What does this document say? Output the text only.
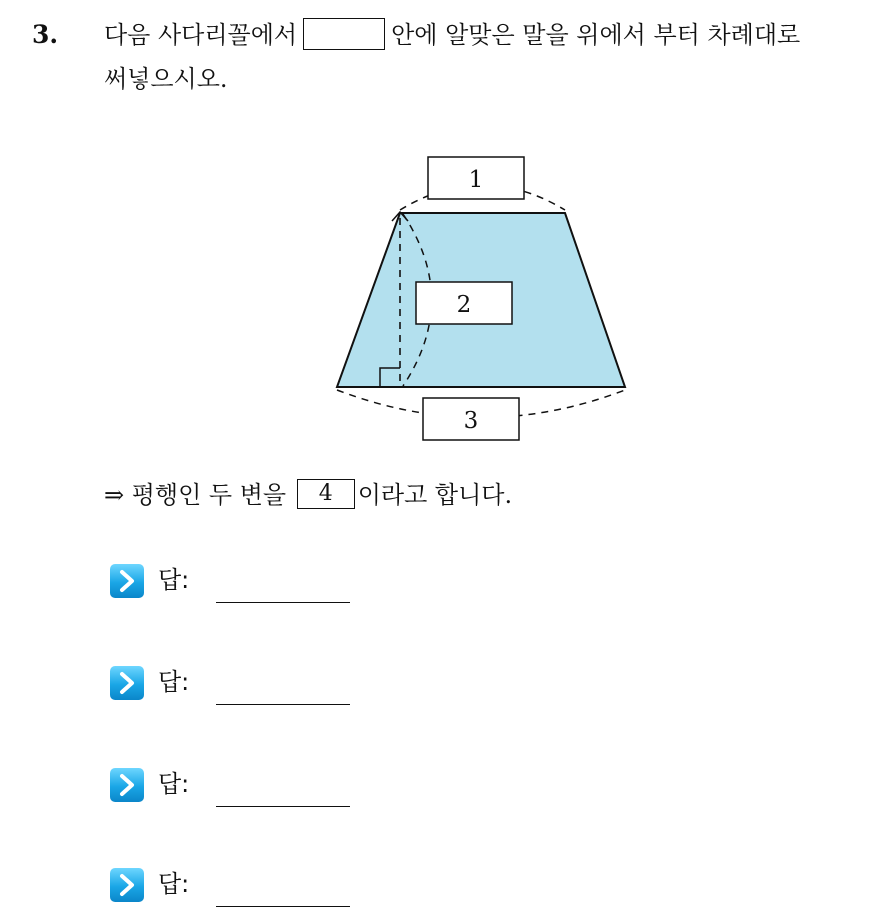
3. 다음 사다리꼴에서	안에 알맞은 말을 위에서 부터 차례대로
써넣으시오.
1
2
3
⇒ 평행인 두 변을 4 이라고 합니다.
답:
답:
답:
답:
